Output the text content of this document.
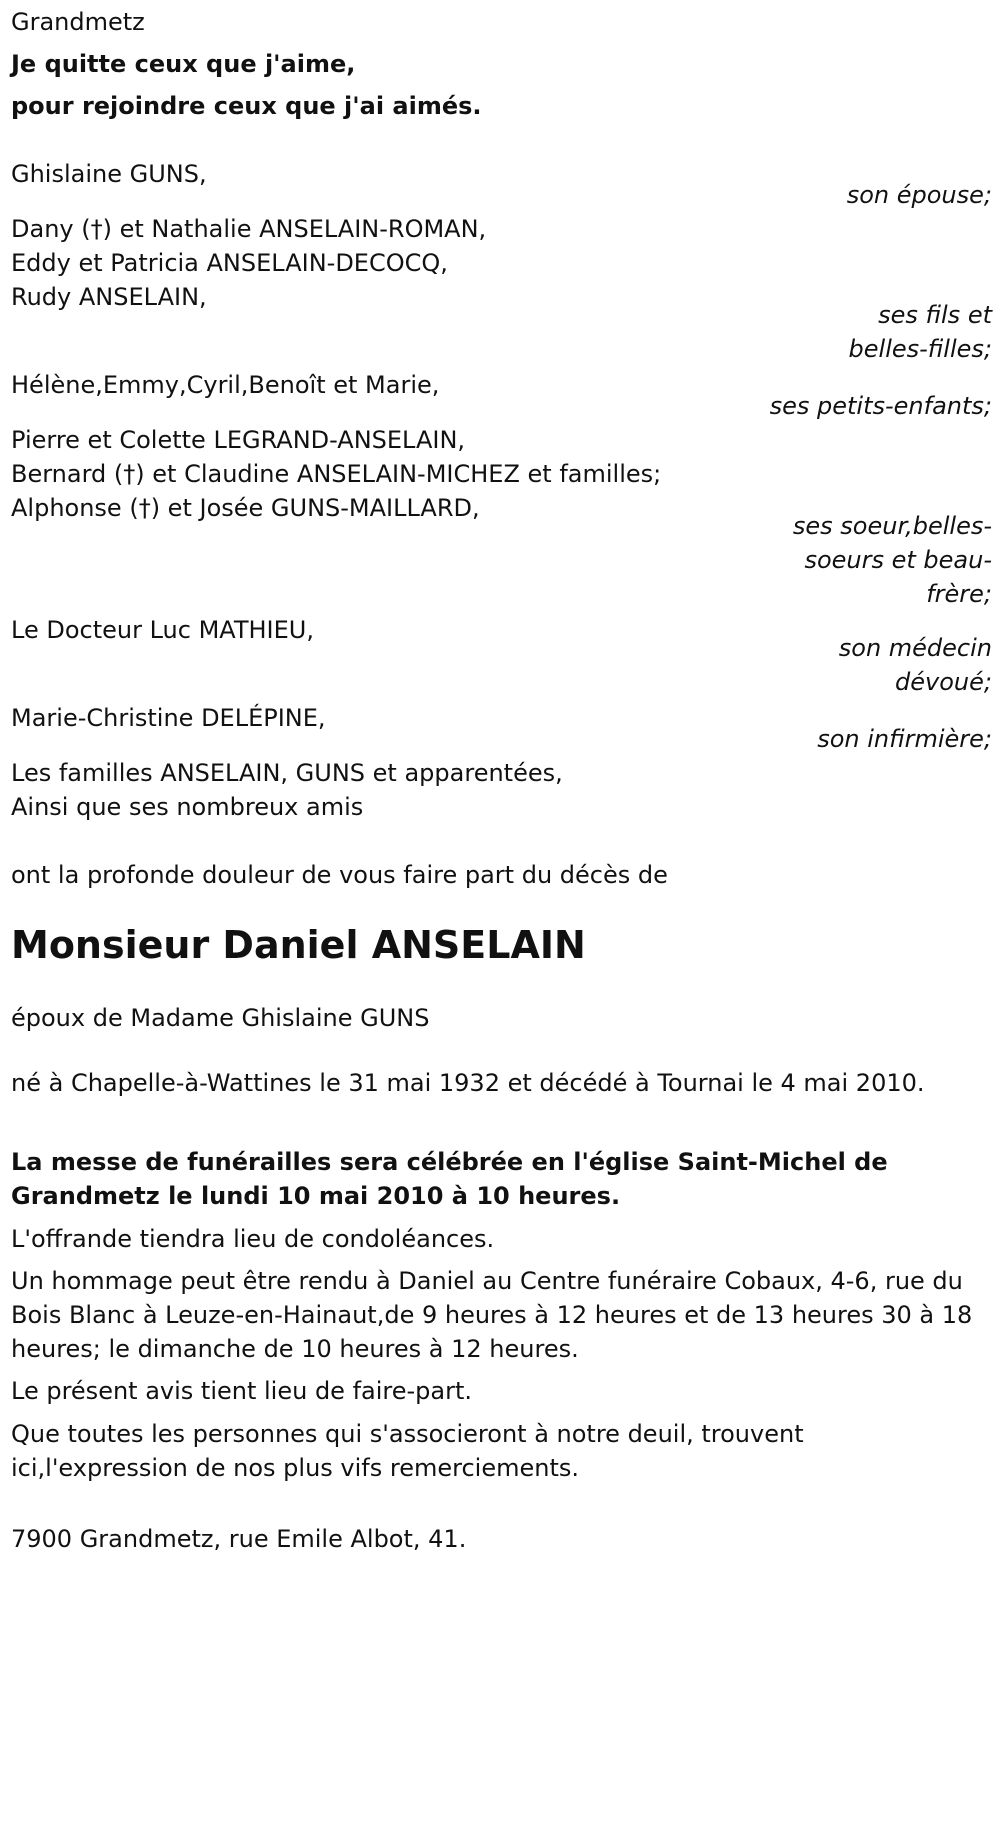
Grandmetz
Je quitte ceux que j'aime,
pour rejoindre ceux que j'ai aimés.
Ghislaine GUNS,
son épouse;
Dany (†) et Nathalie ANSELAIN-ROMAN,
Eddy et Patricia ANSELAIN-DECOCQ,
Rudy ANSELAIN,
ses fils et belles-filles;
Hélène,Emmy,Cyril,Benoît et Marie,
ses petits-enfants;
Pierre et Colette LEGRAND-ANSELAIN,
Bernard (†) et Claudine ANSELAIN-MICHEZ et familles;
Alphonse (†) et Josée GUNS-MAILLARD,
ses soeur,belles-soeurs et beau-frère;
Le Docteur Luc MATHIEU,
son médecin dévoué;
Marie-Christine DELÉPINE,
son infirmière;
Les familles ANSELAIN, GUNS et apparentées,
Ainsi que ses nombreux amis
ont la profonde douleur de vous faire part du décès de
Monsieur Daniel ANSELAIN
époux de Madame Ghislaine GUNS
né à Chapelle-à-Wattines le 31 mai 1932 et décédé à Tournai le 4 mai 2010.
La messe de funérailles sera célébrée en l'église Saint-Michel de Grandmetz le lundi 10 mai 2010 à 10 heures.
L'offrande tiendra lieu de condoléances.
Un hommage peut être rendu à Daniel au Centre funéraire Cobaux, 4-6, rue du Bois Blanc à Leuze-en-Hainaut,de 9 heures à 12 heures et de 13 heures 30 à 18 heures; le dimanche de 10 heures à 12 heures.
Le présent avis tient lieu de faire-part.
Que toutes les personnes qui s'associeront à notre deuil, trouvent ici,l'expression de nos plus vifs remerciements.
7900 Grandmetz, rue Emile Albot, 41.
